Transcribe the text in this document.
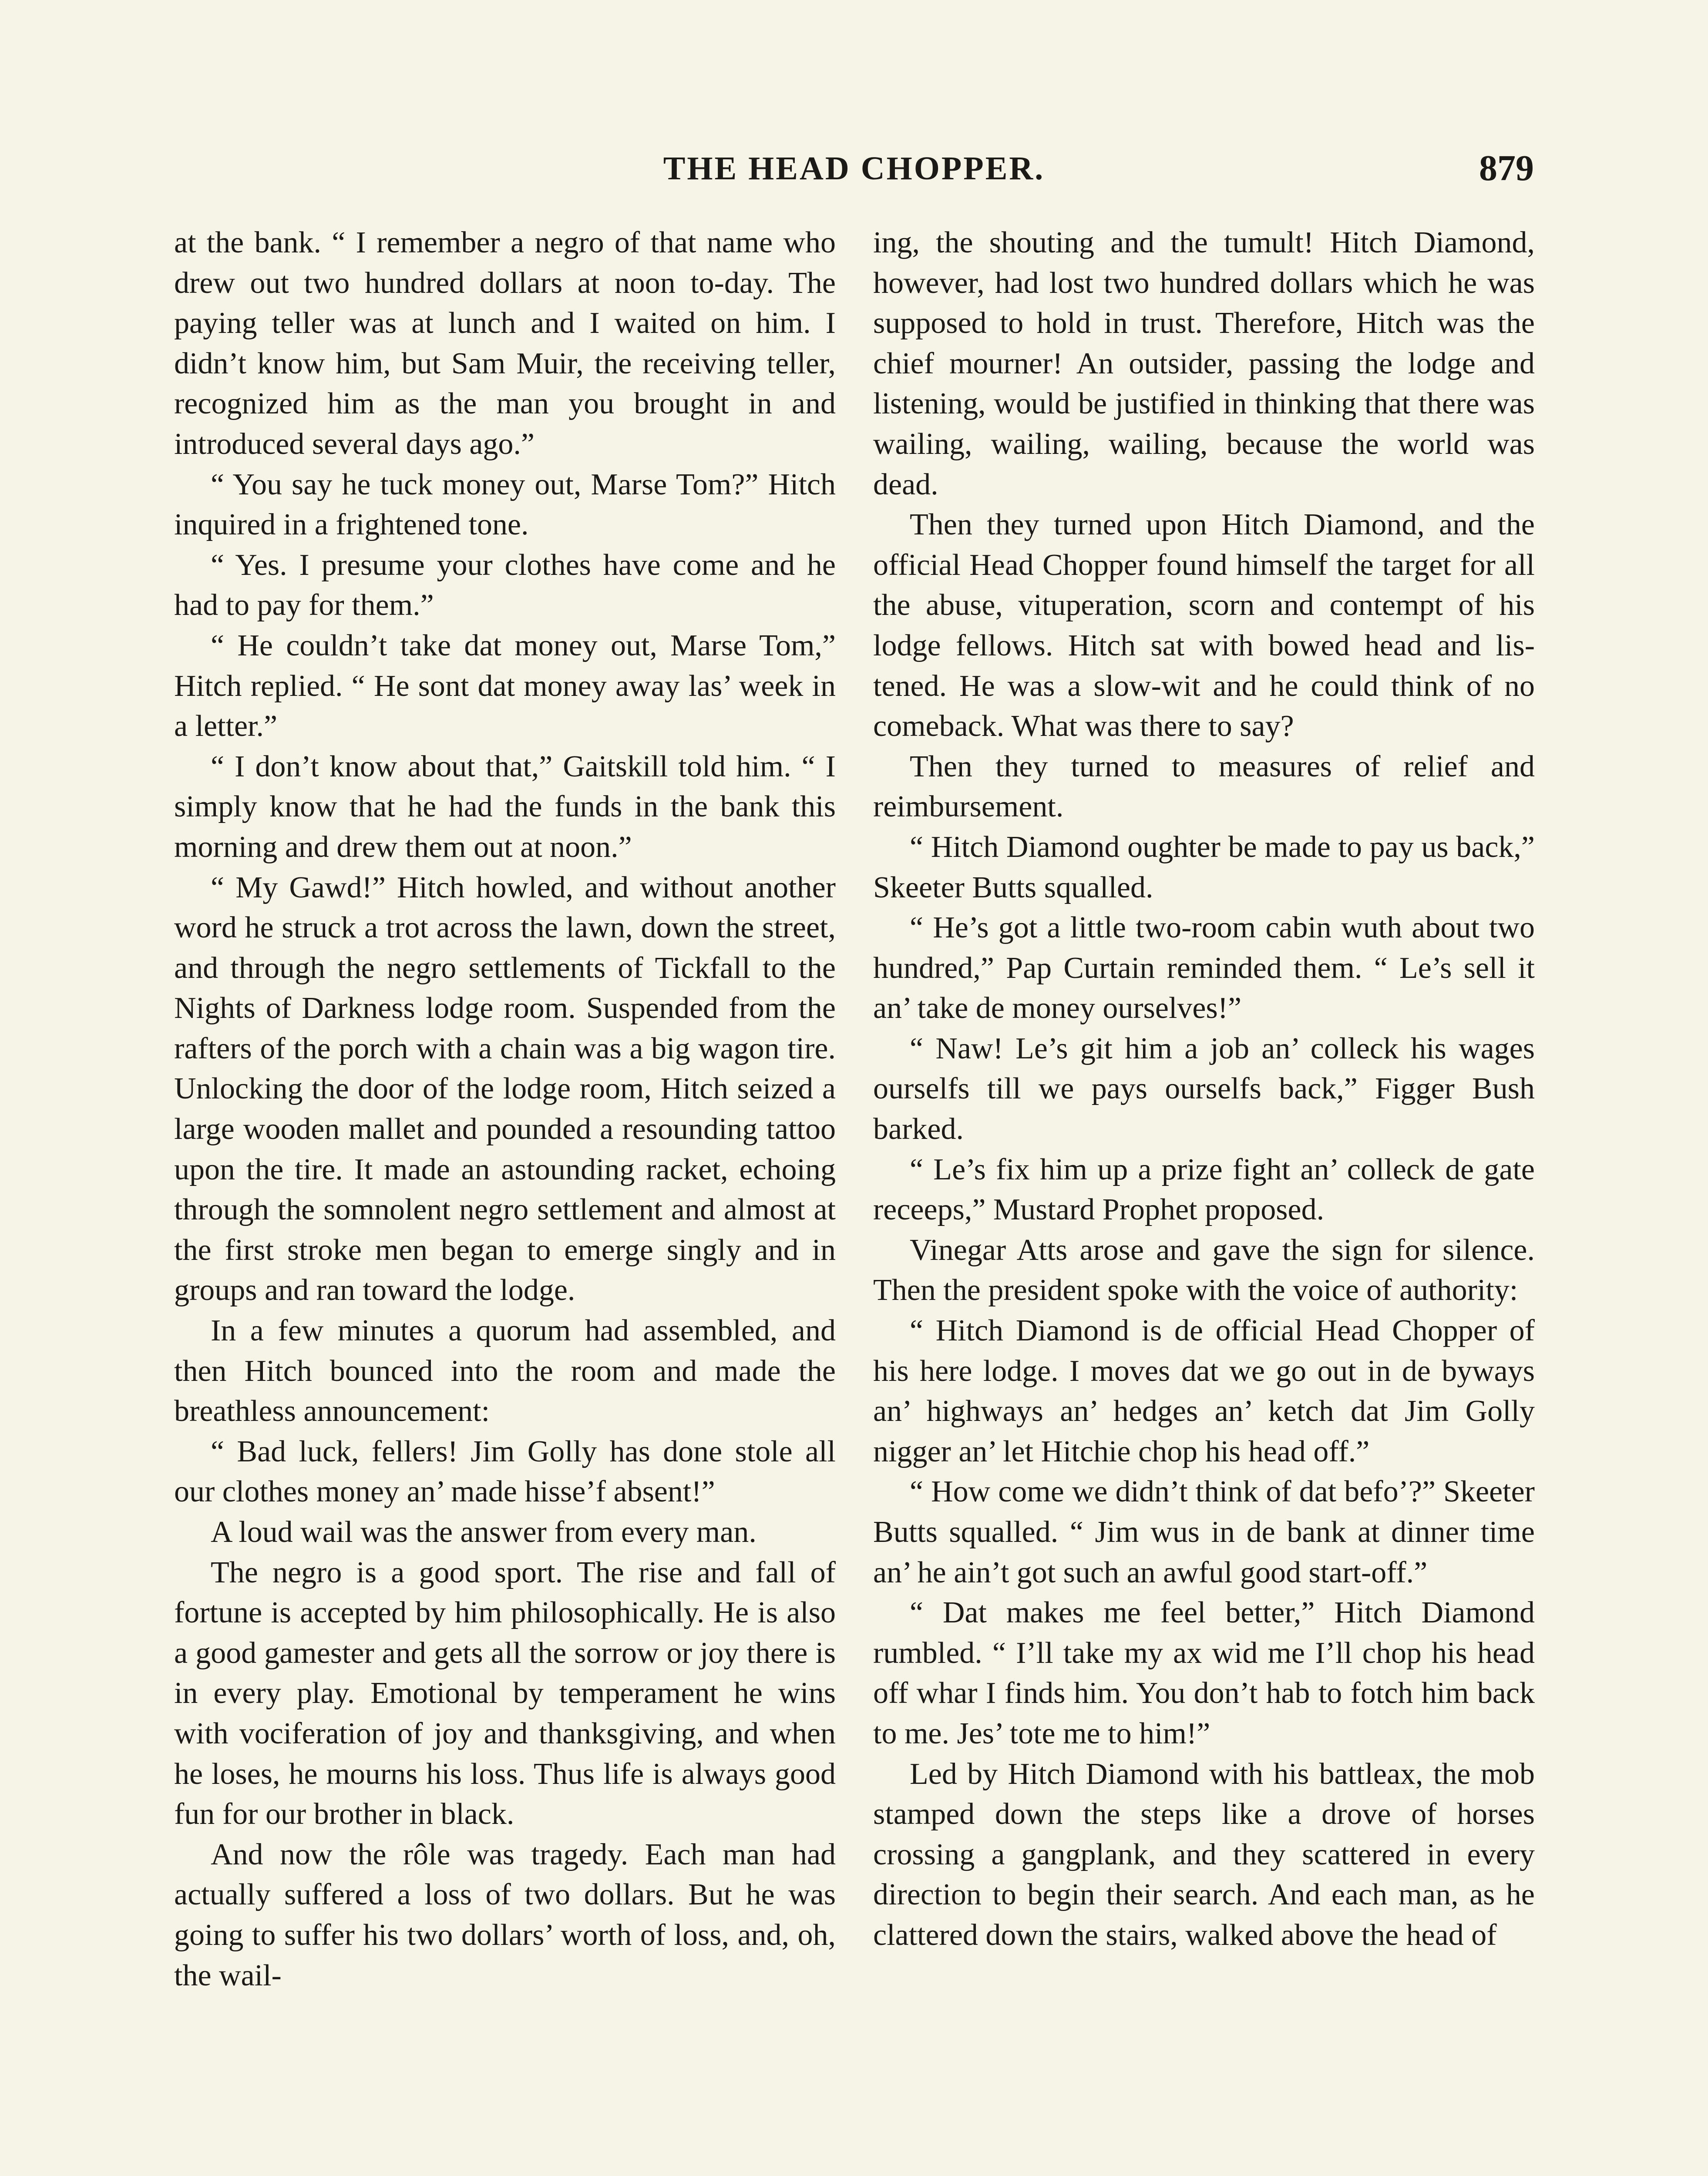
THE HEAD CHOPPER.	879

at the bank. “ I remember a negro of that name who drew out two hundred dollars at noon to-day. The paying teller was at lunch and I waited on him. I didn’t know him, but Sam Muir, the receiving teller, recognized him as the man you brought in and introduced several days ago.”

“ You say he tuck money out, Marse Tom?” Hitch inquired in a frightened tone.

“ Yes. I presume your clothes have come and he had to pay for them.”

“ He couldn’t take dat money out, Marse Tom,” Hitch replied. “ He sont dat money away las’ week in a letter.”

“ I don’t know about that,” Gaitskill told him. “ I simply know that he had the funds in the bank this morning and drew them out at noon.”

“ My Gawd!” Hitch howled, and without another word he struck a trot across the lawn, down the street, and through the negro settlements of Tickfall to the Nights of Darkness lodge room. Suspended from the rafters of the porch with a chain was a big wagon tire. Unlocking the door of the lodge room, Hitch seized a large wooden mallet and pounded a resounding tattoo upon the tire. It made an astounding racket, echoing through the somnolent negro settlement and almost at the first stroke men began to emerge singly and in groups and ran toward the lodge.

In a few minutes a quorum had assembled, and then Hitch bounced into the room and made the breathless announcement:

“ Bad luck, fellers! Jim Golly has done stole all our clothes money an’ made hisse’f absent!”

A loud wail was the answer from every man.

The negro is a good sport. The rise and fall of fortune is accepted by him philosophically. He is also a good gamester and gets all the sorrow or joy there is in every play. Emotional by temperament he wins with vociferation of joy and thanksgiving, and when he loses, he mourns his loss. Thus life is always good fun for our brother in black.

And now the rôle was tragedy. Each man had actually suffered a loss of two dollars. But he was going to suffer his two dollars’ worth of loss, and, oh, the wail-

ing, the shouting and the tumult! Hitch Diamond, however, had lost two hundred dollars which he was supposed to hold in trust. Therefore, Hitch was the chief mourner! An outsider, passing the lodge and listening, would be justified in thinking that there was wailing, wailing, wailing, because the world was dead.

Then they turned upon Hitch Diamond, and the official Head Chopper found himself the target for all the abuse, vituperation, scorn and contempt of his lodge fellows. Hitch sat with bowed head and listened. He was a slow-wit and he could think of no comeback. What was there to say?

Then they turned to measures of relief and reimbursement.

“ Hitch Diamond oughter be made to pay us back,” Skeeter Butts squalled.

“ He’s got a little two-room cabin wuth about two hundred,” Pap Curtain reminded them. “ Le’s sell it an’ take de money ourselves!”

“ Naw! Le’s git him a job an’ colleck his wages ourselfs till we pays ourselfs back,” Figger Bush barked.

“ Le’s fix him up a prize fight an’ colleck de gate receeps,” Mustard Prophet proposed.

Vinegar Atts arose and gave the sign for silence. Then the president spoke with the voice of authority:

“ Hitch Diamond is de official Head Chopper of his here lodge. I moves dat we go out in de byways an’ highways an’ hedges an’ ketch dat Jim Golly nigger an’ let Hitchie chop his head off.”

“ How come we didn’t think of dat befo’?” Skeeter Butts squalled. “ Jim wus in de bank at dinner time an’ he ain’t got such an awful good start-off.”

“ Dat makes me feel better,” Hitch Diamond rumbled. “ I’ll take my ax wid me I’ll chop his head off whar I finds him. You don’t hab to fotch him back to me. Jes’ tote me to him!”

Led by Hitch Diamond with his battleax, the mob stamped down the steps like a drove of horses crossing a gangplank, and they scattered in every direction to begin their search. And each man, as he clattered down the stairs, walked above the head of
